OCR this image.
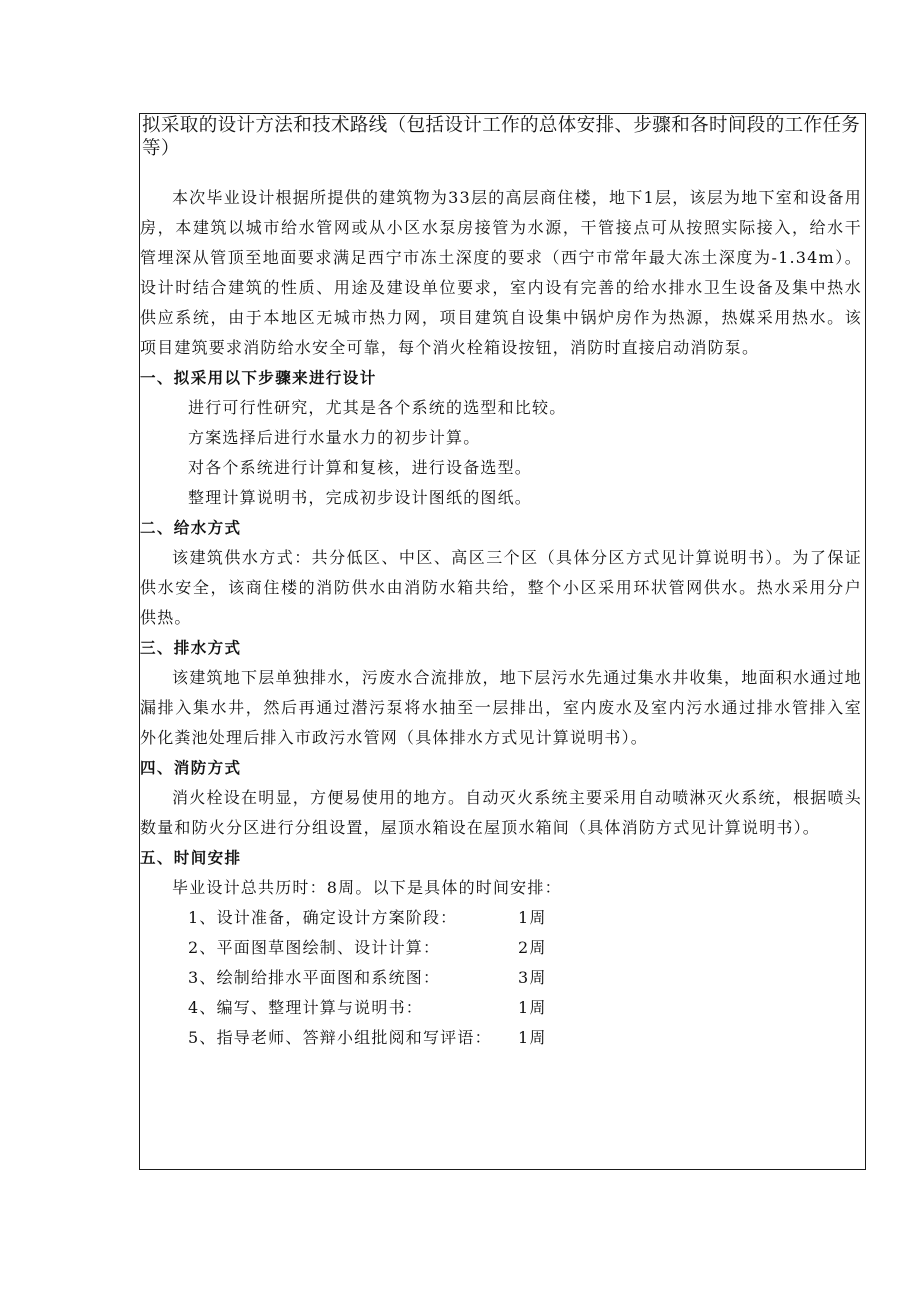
拟采取的设计方法和技术路线（包括设计工作的总体安排、步骤和各时间段的工作任务等）

本次毕业设计根据所提供的建筑物为33层的高层商住楼，地下1层，该层为地下室和设备用房，本建筑以城市给水管网或从小区水泵房接管为水源，干管接点可从按照实际接入，给水干管埋深从管顶至地面要求满足西宁市冻土深度的要求（西宁市常年最大冻土深度为-1.34m）。设计时结合建筑的性质、用途及建设单位要求，室内设有完善的给水排水卫生设备及集中热水供应系统，由于本地区无城市热力网，项目建筑自设集中锅炉房作为热源，热媒采用热水。该项目建筑要求消防给水安全可靠，每个消火栓箱设按钮，消防时直接启动消防泵。

一、拟采用以下步骤来进行设计

进行可行性研究，尤其是各个系统的选型和比较。

方案选择后进行水量水力的初步计算。

对各个系统进行计算和复核，进行设备选型。

整理计算说明书，完成初步设计图纸的图纸。

二、给水方式

该建筑供水方式：共分低区、中区、高区三个区（具体分区方式见计算说明书）。为了保证供水安全，该商住楼的消防供水由消防水箱共给，整个小区采用环状管网供水。热水采用分户供热。

三、排水方式

该建筑地下层单独排水，污废水合流排放，地下层污水先通过集水井收集，地面积水通过地漏排入集水井，然后再通过潜污泵将水抽至一层排出，室内废水及室内污水通过排水管排入室外化粪池处理后排入市政污水管网（具体排水方式见计算说明书）。

四、消防方式

消火栓设在明显，方便易使用的地方。自动灭火系统主要采用自动喷淋灭火系统，根据喷头数量和防火分区进行分组设置，屋顶水箱设在屋顶水箱间（具体消防方式见计算说明书）。

五、时间安排

毕业设计总共历时：8周。以下是具体的时间安排：

1、设计准备，确定设计方案阶段：	1周
2、平面图草图绘制、设计计算：	2周
3、绘制给排水平面图和系统图：	3周
4、编写、整理计算与说明书：	1周
5、指导老师、答辩小组批阅和写评语： 1周
